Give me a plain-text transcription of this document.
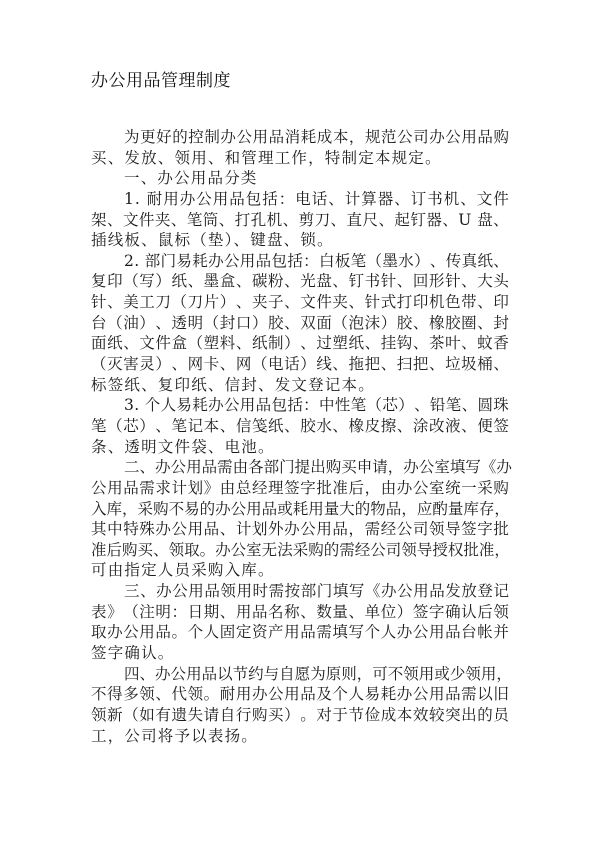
办公用品管理制度
为 更 好 的 控 制 办 公 用 品 消 耗 成 本 ， 规 范 公 司 办 公 用 品 购
买、发放、领用、和管理工作，特制定本规定。
一、办公用品分类
1 .
耐 用 办 公 用 品 包 括 ： 电 话 、 计 算 器 、 订 书 机 、 文 件
架 、 文 件 夹 、 笔 筒 、 打 孔 机 、 剪 刀 、 直 尺 、 起 钉 器 、 U
盘 、
插线板、鼠标（垫）、键盘、锁。
2 .
部 门 易 耗 办 公 用 品 包 括 ： 白 板 笔 （ 墨 水 ） 、 传 真 纸 、
复 印 （ 写 ） 纸 、 墨 盒 、 碳 粉 、 光 盘 、 钉 书 针 、 回 形 针 、 大 头
针 、 美 工 刀 （ 刀 片 ） 、 夹 子 、 文 件 夹 、 针 式 打 印 机 色 带 、 印
台 （ 油 ） 、 透 明 （ 封 口 ） 胶 、 双 面 （ 泡 沫 ） 胶 、 橡 胶 圈 、 封
面 纸 、 文 件 盒 （ 塑 料 、 纸 制 ） 、 过 塑 纸 、 挂 钩 、 茶 叶 、 蚊 香
（ 灭 害 灵 ） 、 网 卡 、 网 （ 电 话 ） 线 、 拖 把 、 扫 把 、 垃 圾 桶 、
标签纸、复印纸、信封、发文登记本。
3 .
个 人 易 耗 办 公 用 品 包 括 ： 中 性 笔 （ 芯 ） 、 铅 笔 、 圆 珠
笔 （ 芯 ） 、 笔 记 本 、 信 笺 纸 、 胶 水 、 橡 皮 擦 、 涂 改 液 、 便 签
条、透明文件袋、电池。
二 、 办 公 用 品 需 由 各 部 门 提 出 购 买 申 请 ， 办 公 室 填 写 《 办
公 用 品 需 求 计 划 》 由 总 经 理 签 字 批 准 后 ， 由 办 公 室 统 一 采 购
入 库 ， 采 购 不 易 的 办 公 用 品 或 耗 用 量 大 的 物 品 ， 应 酌 量 库 存 ，
其 中 特 殊 办 公 用 品 、 计 划 外 办 公 用 品 ， 需 经 公 司 领 导 签 字 批
准 后 购 买 、 领 取 。 办 公 室 无 法 采 购 的 需 经 公 司 领 导 授 权 批 准 ，
可由指定人员采购入库。
三 、 办 公 用 品 领 用 时 需 按 部 门 填 写 《 办 公 用 品 发 放 登 记
表 》 （ 注 明 ： 日 期 、 用 品 名 称 、 数 量 、 单 位 ） 签 字 确 认 后 领
取 办 公 用 品 。 个 人 固 定 资 产 用 品 需 填 写 个 人 办 公 用 品 台 帐 并
签字确认。
四 、 办 公 用 品 以 节 约 与 自 愿 为 原 则 ， 可 不 领 用 或 少 领 用 ，
不 得 多 领 、 代 领 。 耐 用 办 公 用 品 及 个 人 易 耗 办 公 用 品 需 以 旧
领 新 （ 如 有 遗 失 请 自 行 购 买 ） 。 对 于 节 俭 成 本 效 较 突 出 的 员
工，公司将予以表扬。
